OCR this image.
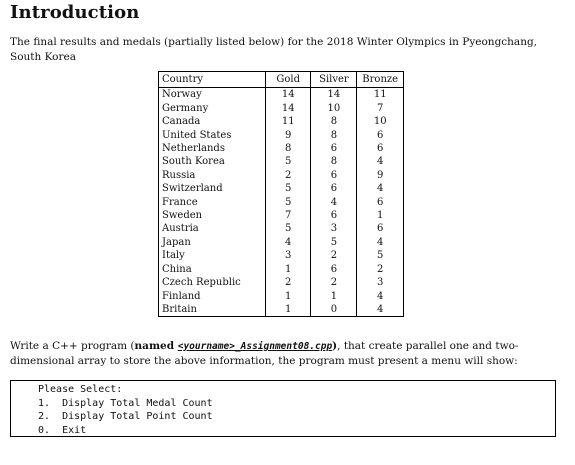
Introduction

The final results and medals (partially listed below) for the 2018 Winter Olympics in Pyeongchang, South Korea

Country	Gold	Silver	Bronze
Norway	14	14	11
Germany	14	10	7
Canada	11	8	10
United States	9	8	6
Netherlands	8	6	6
South Korea	5	8	4
Russia	2	6	9
Switzerland	5	6	4
France	5	4	6
Sweden	7	6	1
Austria	5	3	6
Japan	4	5	4
Italy	3	2	5
China	1	6	2
Czech Republic	2	2	3
Finland	1	1	4
Britain	1	0	4

Write a C++ program (named <yourname>_Assignment08.cpp), that create parallel one and two-dimensional array to store the above information, the program must present a menu will show:

Please Select:
1.  Display Total Medal Count
2.  Display Total Point Count
0.  Exit
